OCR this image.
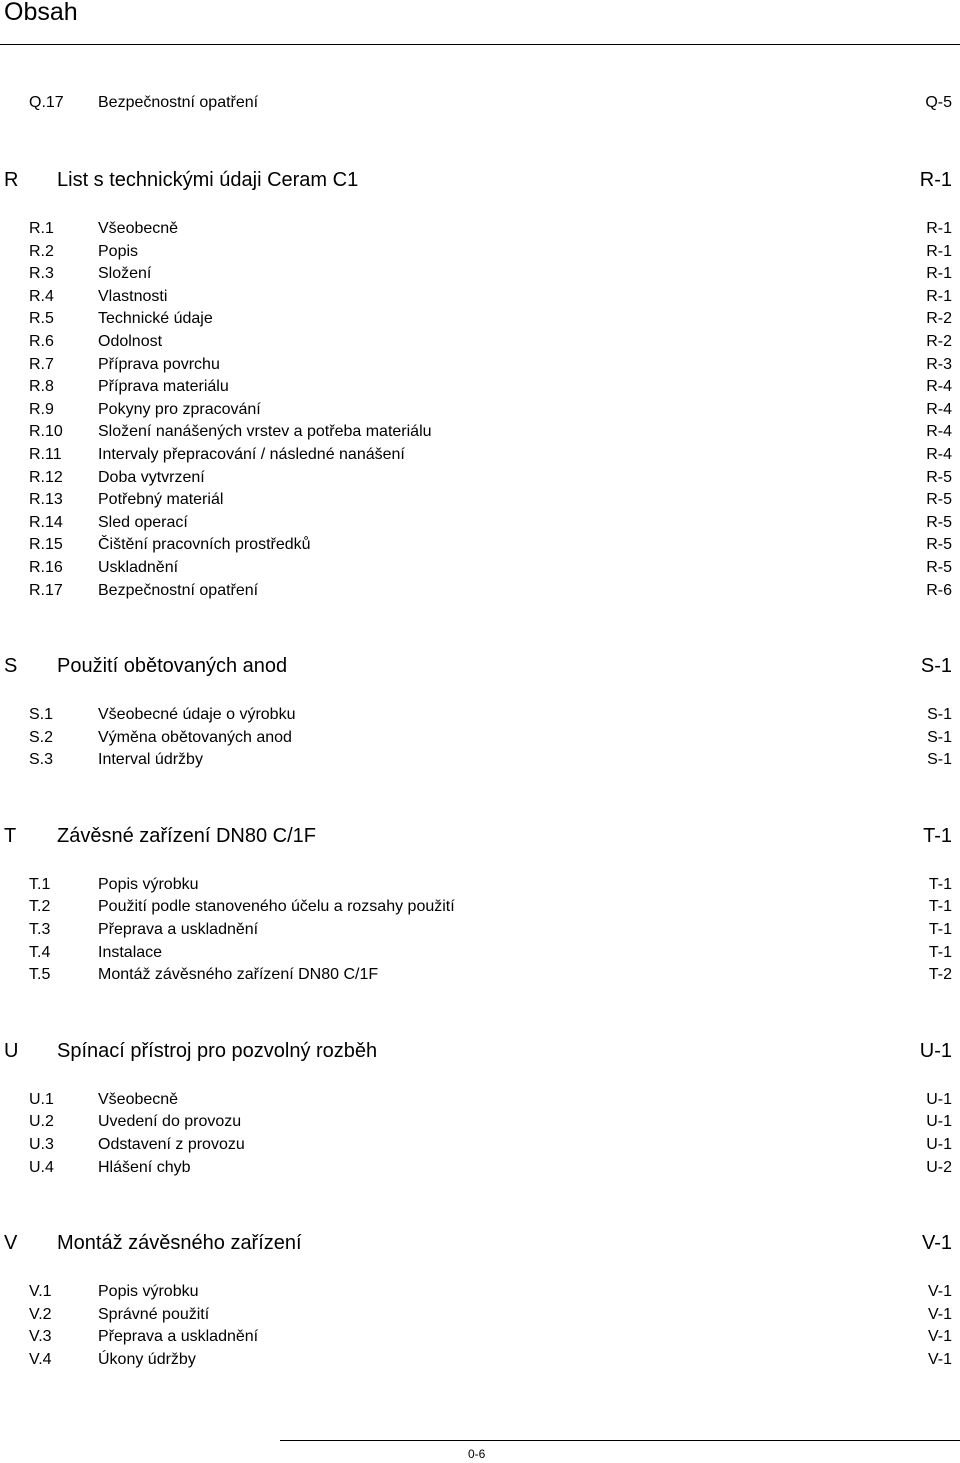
Obsah
Q.17 Bezpečnostní opatření	Q-5
R List s technickými údaji Ceram C1	R-1
R.1	Všeobecně	R-1
R.2	Popis	R-1
R.3	Složení	R-1
R.4	Vlastnosti	R-1
R.5	Technické údaje	R-2
R.6	Odolnost	R-2
R.7	Příprava povrchu	R-3
R.8	Příprava materiálu	R-4
R.9	Pokyny pro zpracování	R-4
R.10 Složení nanášených vrstev a potřeba materiálu	R-4
R.11 Intervaly přepracování / následné nanášení	R-4
R.12 Doba vytvrzení	R-5
R.13 Potřebný materiál	R-5
R.14 Sled operací	R-5
R.15 Čištění pracovních prostředků	R-5
R.16 Uskladnění	R-5
R.17 Bezpečnostní opatření	R-6
S Použití obětovaných anod	S-1
S.1	Všeobecné údaje o výrobku	S-1
S.2	Výměna obětovaných anod	S-1
S.3	Interval údržby	S-1
T Závěsné zařízení DN80 C/1F	T-1
T.1	Popis výrobku	T-1
T.2	Použití podle stanoveného účelu a rozsahy použití	T-1
T.3	Přeprava a uskladnění	T-1
T.4	Instalace	T-1
T.5	Montáž závěsného zařízení DN80 C/1F	T-2
U Spínací přístroj pro pozvolný rozběh	U-1
U.1	Všeobecně	U-1
U.2	Uvedení do provozu	U-1
U.3	Odstavení z provozu	U-1
U.4	Hlášení chyb	U-2
V Montáž závěsného zařízení	V-1
V.1	Popis výrobku	V-1
V.2	Správné použití	V-1
V.3	Přeprava a uskladnění	V-1
V.4	Úkony údržby	V-1
0-6
